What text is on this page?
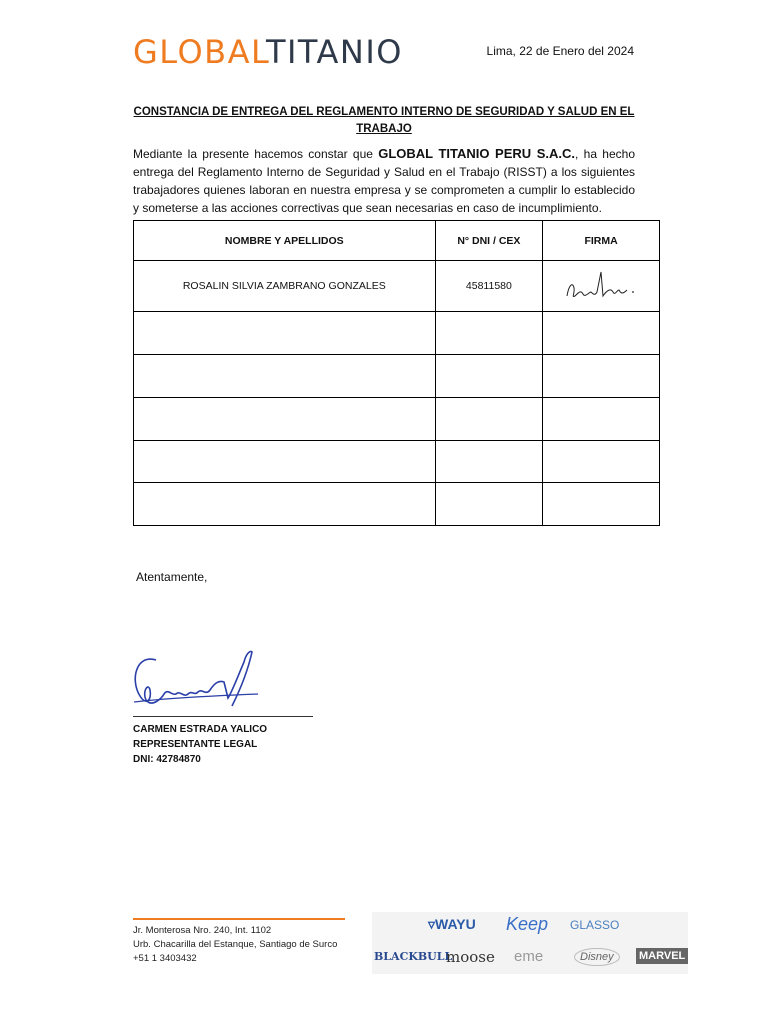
GLOBALTITANIO	Lima, 22 de Enero del 2024
CONSTANCIA DE ENTREGA DEL REGLAMENTO INTERNO DE SEGURIDAD Y SALUD EN EL TRABAJO
Mediante la presente hacemos constar que GLOBAL TITANIO PERU S.A.C., ha hecho entrega del Reglamento Interno de Seguridad y Salud en el Trabajo (RISST) a los siguientes trabajadores quienes laboran en nuestra empresa y se comprometen a cumplir lo establecido y someterse a las acciones correctivas que sean necesarias en caso de incumplimiento.
NOMBRE Y APELLIDOS	N° DNI / CEX	FIRMA
ROSALIN SILVIA ZAMBRANO GONZALES	45811580	

Atentamente,
CARMEN ESTRADA YALICO
REPRESENTANTE LEGAL
DNI: 42784870
Jr. Monterosa Nro. 240, Int. 1102
Urb. Chacarilla del Estanque, Santiago de Surco
+51 1 3403432
▿WAYU Keep GLASSO
BLACKBULL
moose eme	Disney	MARVEL
